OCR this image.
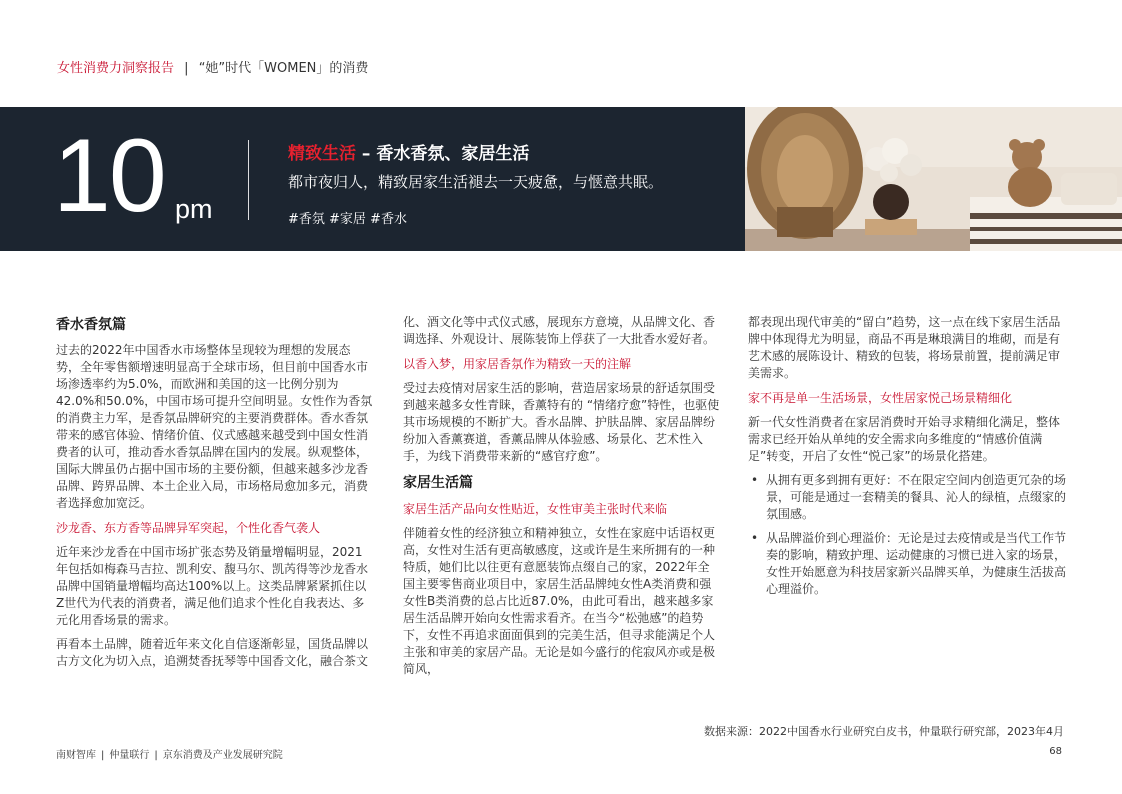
女性消费力洞察报告 | “她”时代「WOMEN」的消费
10 pm
精致生活 – 香水香氛、家居生活
都市夜归人，精致居家生活褪去一天疲惫，与惬意共眠。
#香氛 #家居 #香水
香水香氛篇

过去的2022年中国香水市场整体呈现较为理想的发展态势，全年零售额增速明显高于全球市场，但目前中国香水市场渗透率约为5.0%，而欧洲和美国的这一比例分别为42.0%和50.0%，中国市场可提升空间明显。女性作为香氛的消费主力军，是香氛品牌研究的主要消费群体。香水香氛带来的感官体验、情绪价值、仪式感越来越受到中国女性消费者的认可，推动香水香氛品牌在国内的发展。纵观整体，国际大牌虽仍占据中国市场的主要份额，但越来越多沙龙香品牌、跨界品牌、本土企业入局，市场格局愈加多元，消费者选择愈加宽泛。

沙龙香、东方香等品牌异军突起，个性化香气袭人

近年来沙龙香在中国市场扩张态势及销量增幅明显，2021年包括如梅森马吉拉、凯利安、馥马尔、凯芮得等沙龙香水品牌中国销量增幅均高达100%以上。这类品牌紧紧抓住以Z世代为代表的消费者，满足他们追求个性化自我表达、多元化用香场景的需求。

再看本土品牌，随着近年来文化自信逐渐彰显，国货品牌以古方文化为切入点，追溯焚香抚琴等中国香文化，融合茶文

化、酒文化等中式仪式感，展现东方意境，从品牌文化、香调选择、外观设计、展陈装饰上俘获了一大批香水爱好者。

以香入梦，用家居香氛作为精致一天的注解

受过去疫情对居家生活的影响，营造居家场景的舒适氛围受到越来越多女性青睐，香薰特有的 “情绪疗愈”特性，也驱使其市场规模的不断扩大。香水品牌、护肤品牌、家居品牌纷纷加入香薰赛道，香薰品牌从体验感、场景化、艺术性入手，为线下消费带来新的“感官疗愈”。

家居生活篇
家居生活产品向女性贴近，女性审美主张时代来临

伴随着女性的经济独立和精神独立，女性在家庭中话语权更高，女性对生活有更高敏感度，这或许是生来所拥有的一种特质，她们比以往更有意愿装饰点缀自己的家，2022年全国主要零售商业项目中，家居生活品牌纯女性A类消费和强女性B类消费的总占比近87.0%，由此可看出，越来越多家居生活品牌开始向女性需求看齐。在当今“松弛感”的趋势下，女性不再追求面面俱到的完美生活，但寻求能满足个人主张和审美的家居产品。无论是如今盛行的侘寂风亦或是极简风，

都表现出现代审美的“留白”趋势，这一点在线下家居生活品牌中体现得尤为明显，商品不再是琳琅满目的堆砌，而是有艺术感的展陈设计、精致的包装，将场景前置，提前满足审美需求。

家不再是单一生活场景，女性居家悦己场景精细化

新一代女性消费者在家居消费时开始寻求精细化满足，整体需求已经开始从单纯的安全需求向多维度的“情感价值满足”转变，开启了女性“悦己家”的场景化搭建。

• 从拥有更多到拥有更好：不在限定空间内创造更冗杂的场景，可能是通过一套精美的餐具、沁人的绿植，点缀家的氛围感。
• 从品牌溢价到心理溢价：无论是过去疫情或是当代工作节奏的影响，精致护理、运动健康的习惯已进入家的场景，女性开始愿意为科技居家新兴品牌买单，为健康生活拔高心理溢价。
数据来源：2022中国香水行业研究白皮书，仲量联行研究部，2023年4月
南财智库 | 仲量联行 | 京东消费及产业发展研究院	68
